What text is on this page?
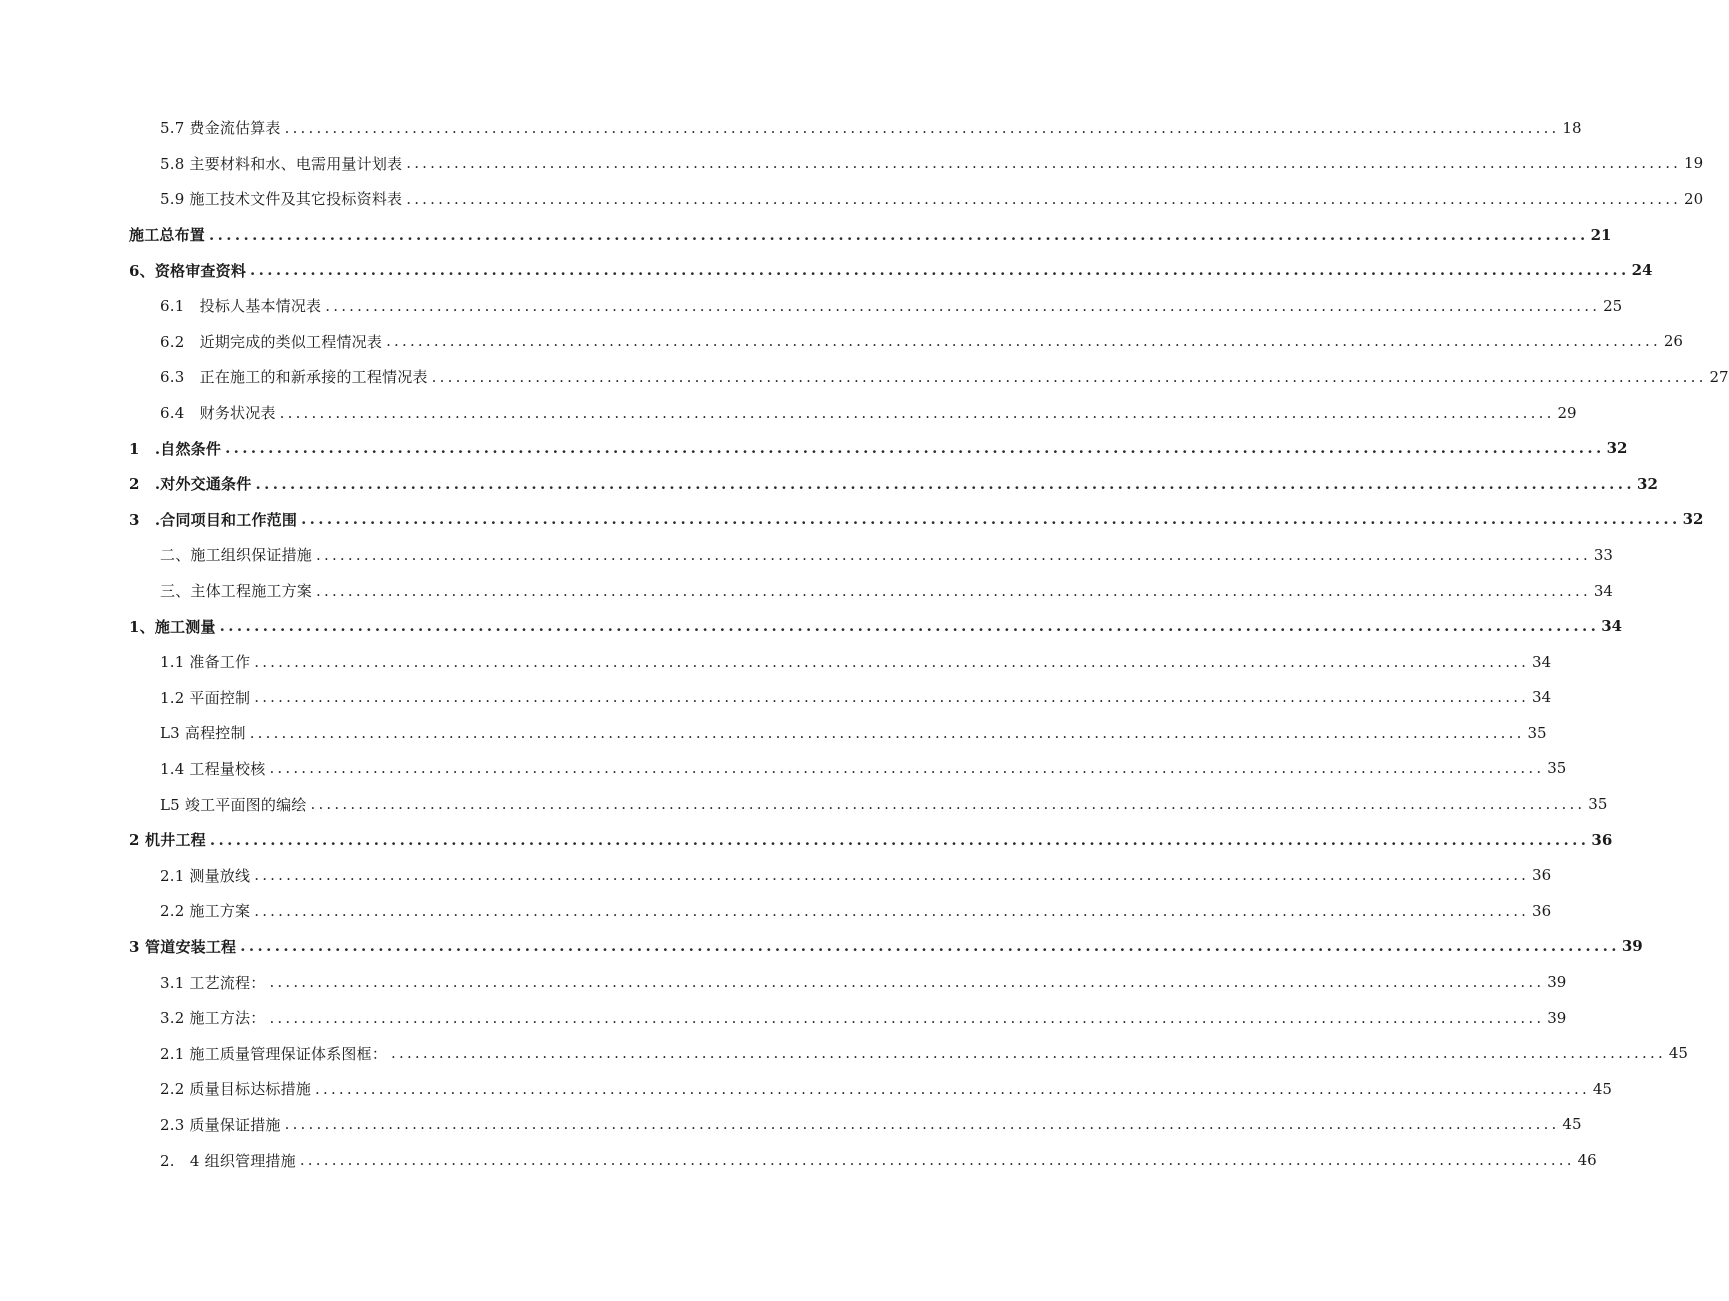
5.7 费金流估算表 ................................................................................................................................................................ 18
5.8 主要材料和水、电需用量计划表 ................................................................................................................................................................ 19
5.9 施工技术文件及其它投标资料表 ................................................................................................................................................................ 20
施工总布置 ................................................................................................................................................................ 21
6、资格审查资料 ................................................................................................................................................................ 24
6.1　投标人基本情况表 ................................................................................................................................................................ 25
6.2　近期完成的类似工程情况表 ................................................................................................................................................................ 26
6.3　正在施工的和新承接的工程情况表 ................................................................................................................................................................ 27
6.4　财务状况表 ................................................................................................................................................................ 29
1　.自然条件 ................................................................................................................................................................ 32
2　.对外交通条件 ................................................................................................................................................................ 32
3　.合同项目和工作范围 ................................................................................................................................................................ 32
二、施工组织保证措施 ................................................................................................................................................................ 33
三、主体工程施工方案 ................................................................................................................................................................ 34
1、施工测量 ................................................................................................................................................................ 34
1.1 准备工作 ................................................................................................................................................................ 34
1.2 平面控制 ................................................................................................................................................................ 34
L3 高程控制 ................................................................................................................................................................ 35
1.4 工程量校核 ................................................................................................................................................................ 35
L5 竣工平面图的编绘 ................................................................................................................................................................ 35
2 机井工程 ................................................................................................................................................................ 36
2.1 测量放线 ................................................................................................................................................................ 36
2.2 施工方案 ................................................................................................................................................................ 36
3 管道安装工程 ................................................................................................................................................................ 39
3.1 工艺流程： ................................................................................................................................................................ 39
3.2 施工方法： ................................................................................................................................................................ 39
2.1 施工质量管理保证体系图框： ................................................................................................................................................................ 45
2.2 质量目标达标措施 ................................................................................................................................................................ 45
2.3 质量保证措施 ................................................................................................................................................................ 45
2.　4 组织管理措施 ................................................................................................................................................................ 46
